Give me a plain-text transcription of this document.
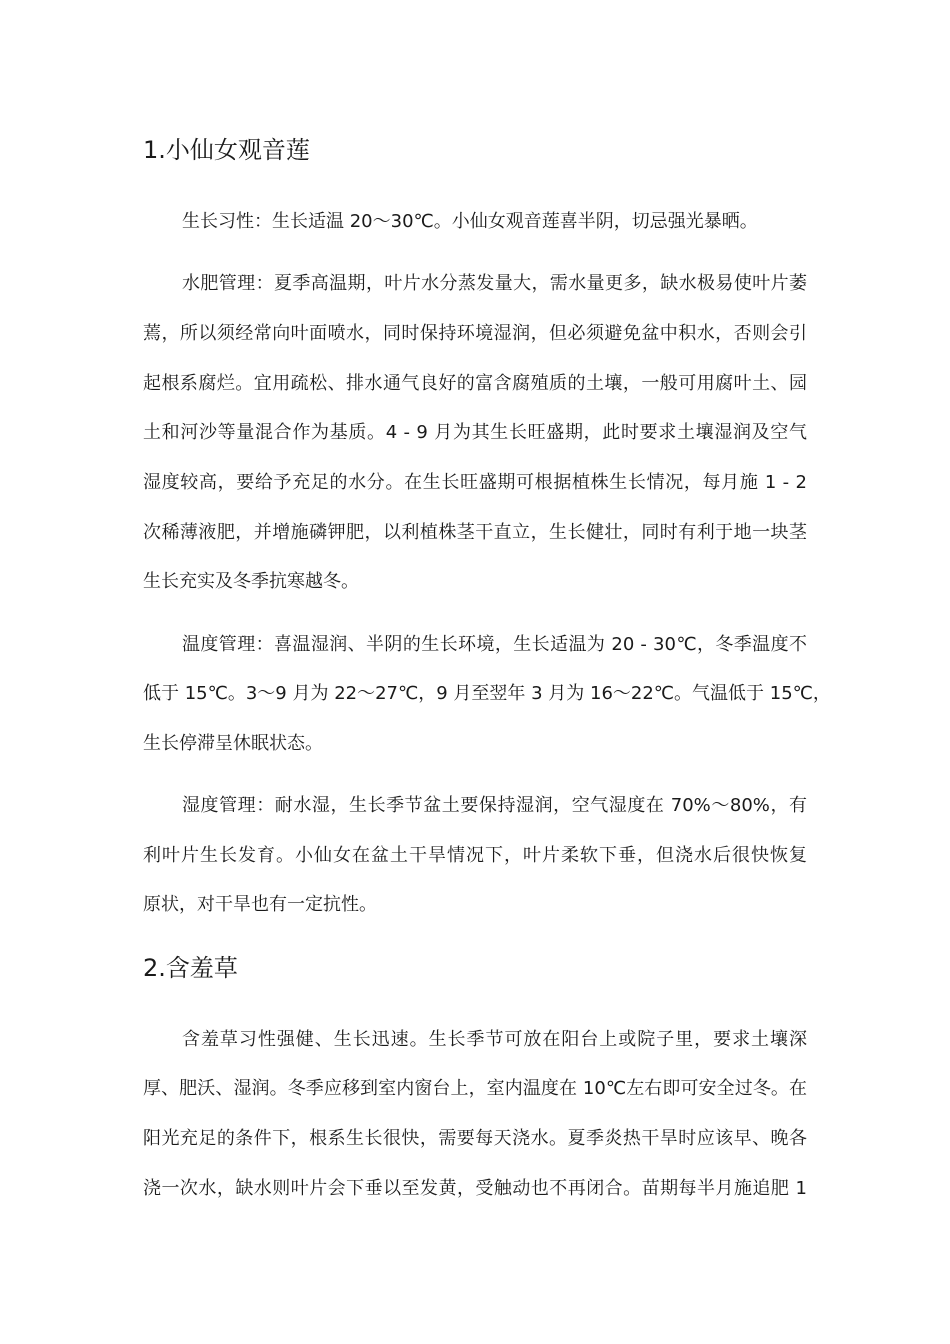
1.小仙女观音莲
生长习性：生长适温 20～30℃。小仙女观音莲喜半阴，切忌强光暴晒。
水肥管理：夏季高温期，叶片水分蒸发量大，需水量更多，缺水极易使叶片萎
蔫，所以须经常向叶面喷水，同时保持环境湿润，但必须避免盆中积水，否则会引
起根系腐烂。宜用疏松、排水通气良好的富含腐殖质的土壤，一般可用腐叶土、园
土和河沙等量混合作为基质。4 - 9 月为其生长旺盛期，此时要求土壤湿润及空气
湿度较高，要给予充足的水分。在生长旺盛期可根据植株生长情况，每月施 1 - 2
次稀薄液肥，并增施磷钾肥，以利植株茎干直立，生长健壮，同时有利于地一块茎
生长充实及冬季抗寒越冬。
温度管理：喜温湿润、半阴的生长环境，生长适温为 20 - 30℃，冬季温度不
低于 15℃。3～9 月为 22～27℃，9 月至翌年 3 月为 16～22℃。气温低于 15℃，
生长停滞呈休眠状态。
湿度管理：耐水湿，生长季节盆土要保持湿润，空气湿度在 70%～80%，有
利叶片生长发育。小仙女在盆土干旱情况下，叶片柔软下垂，但浇水后很快恢复
原状，对干旱也有一定抗性。
2.含羞草
含羞草习性强健、生长迅速。生长季节可放在阳台上或院子里，要求土壤深
厚、肥沃、湿润。冬季应移到室内窗台上，室内温度在 10℃左右即可安全过冬。在
阳光充足的条件下，根系生长很快，需要每天浇水。夏季炎热干旱时应该早、晚各
浇一次水，缺水则叶片会下垂以至发黄，受触动也不再闭合。苗期每半月施追肥 1
